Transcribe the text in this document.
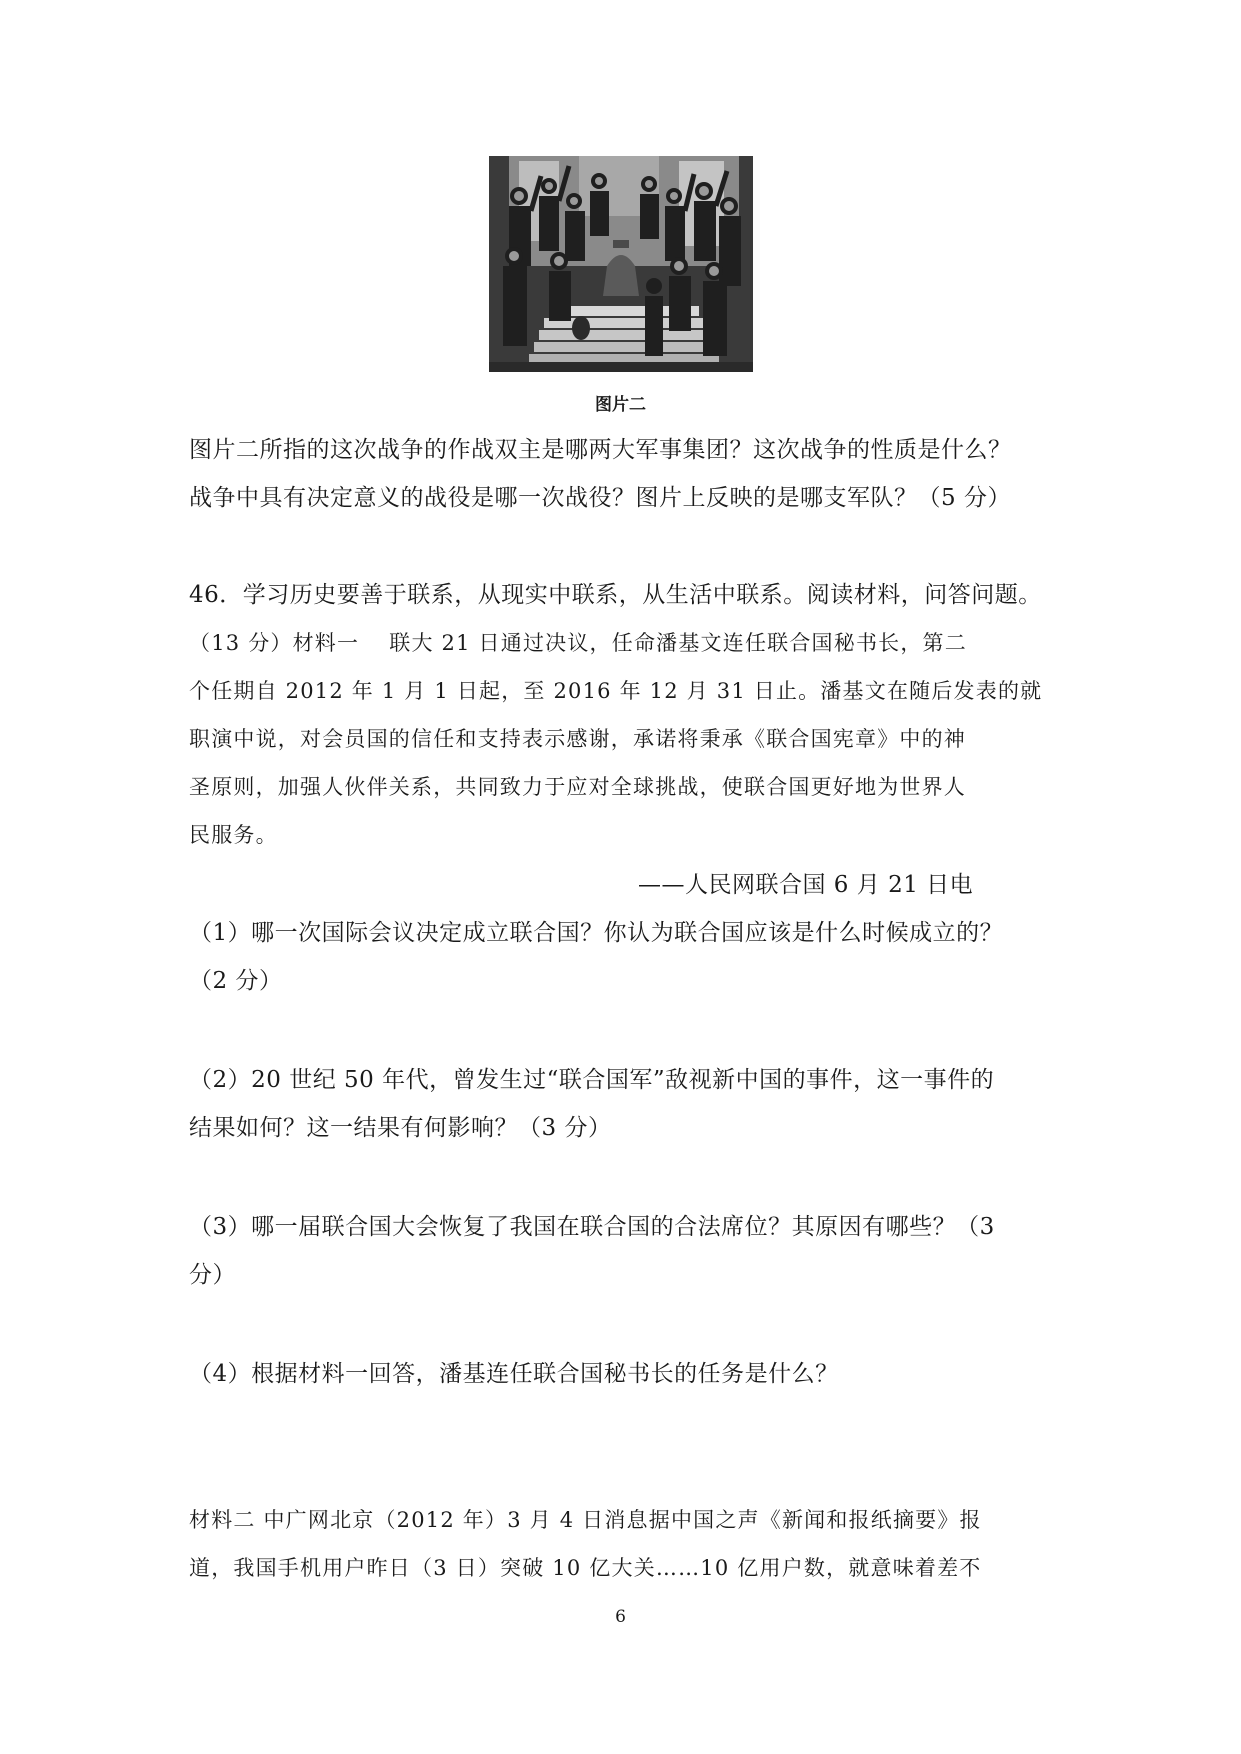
图片二
图片二所指的这次战争的作战双主是哪两大军事集团？这次战争的性质是什么？
战争中具有决定意义的战役是哪一次战役？图片上反映的是哪支军队？（5 分）
46．学习历史要善于联系，从现实中联系，从生活中联系。阅读材料，问答问题。
（13 分）材料一　 联大 21 日通过决议，任命潘基文连任联合国秘书长，第二
个任期自 2012 年 1 月 1 日起，至 2016 年 12 月 31 日止。潘基文在随后发表的就
职演中说，对会员国的信任和支持表示感谢，承诺将秉承《联合国宪章》中的神
圣原则，加强人伙伴关系，共同致力于应对全球挑战，使联合国更好地为世界人
民服务。
——人民网联合国 6 月 21 日电
（1）哪一次国际会议决定成立联合国？你认为联合国应该是什么时候成立的？
（2 分）
（2）20 世纪 50 年代，曾发生过“联合国军”敌视新中国的事件，这一事件的
结果如何？这一结果有何影响？（3 分）
（3）哪一届联合国大会恢复了我国在联合国的合法席位？其原因有哪些？（3
分）
（4）根据材料一回答，潘基连任联合国秘书长的任务是什么？
材料二 中广网北京（2012 年）3 月 4 日消息据中国之声《新闻和报纸摘要》报
道，我国手机用户昨日（3 日）突破 10 亿大关……10 亿用户数，就意味着差不
6
